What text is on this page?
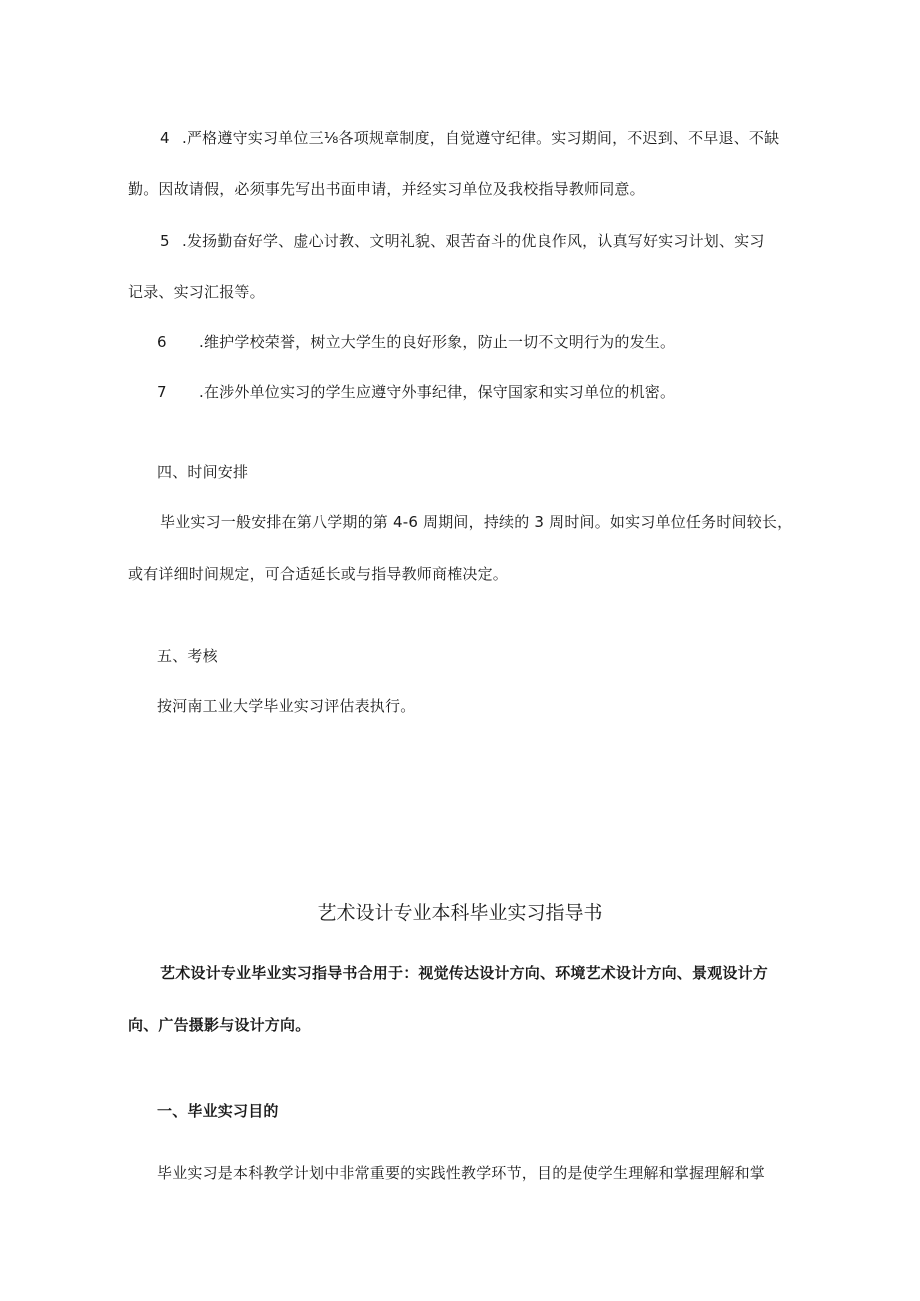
4 .严格遵守实习单位三⅛各项规章制度，自觉遵守纪律。实习期间，不迟到、不早退、不缺
勤。因故请假，必须事先写出书面申请，并经实习单位及我校指导教师同意。
5 .发扬勤奋好学、虚心讨教、文明礼貌、艰苦奋斗的优良作风，认真写好实习计划、实习
记录、实习汇报等。
6 .维护学校荣誉，树立大学生的良好形象，防止一切不文明行为的发生。
7 .在涉外单位实习的学生应遵守外事纪律，保守国家和实习单位的机密。
四、时间安排
毕业实习一般安排在第八学期的第 4-6 周期间，持续的 3 周时间。如实习单位任务时间较长，
或有详细时间规定，可合适延长或与指导教师商榷决定。
五、考核
按河南工业大学毕业实习评估表执行。
艺术设计专业本科毕业实习指导书
艺术设计专业毕业实习指导书合用于：视觉传达设计方向、环境艺术设计方向、景观设计方
向、广告摄影与设计方向。
一、毕业实习目的
毕业实习是本科教学计划中非常重要的实践性教学环节，目的是使学生理解和掌握理解和掌
